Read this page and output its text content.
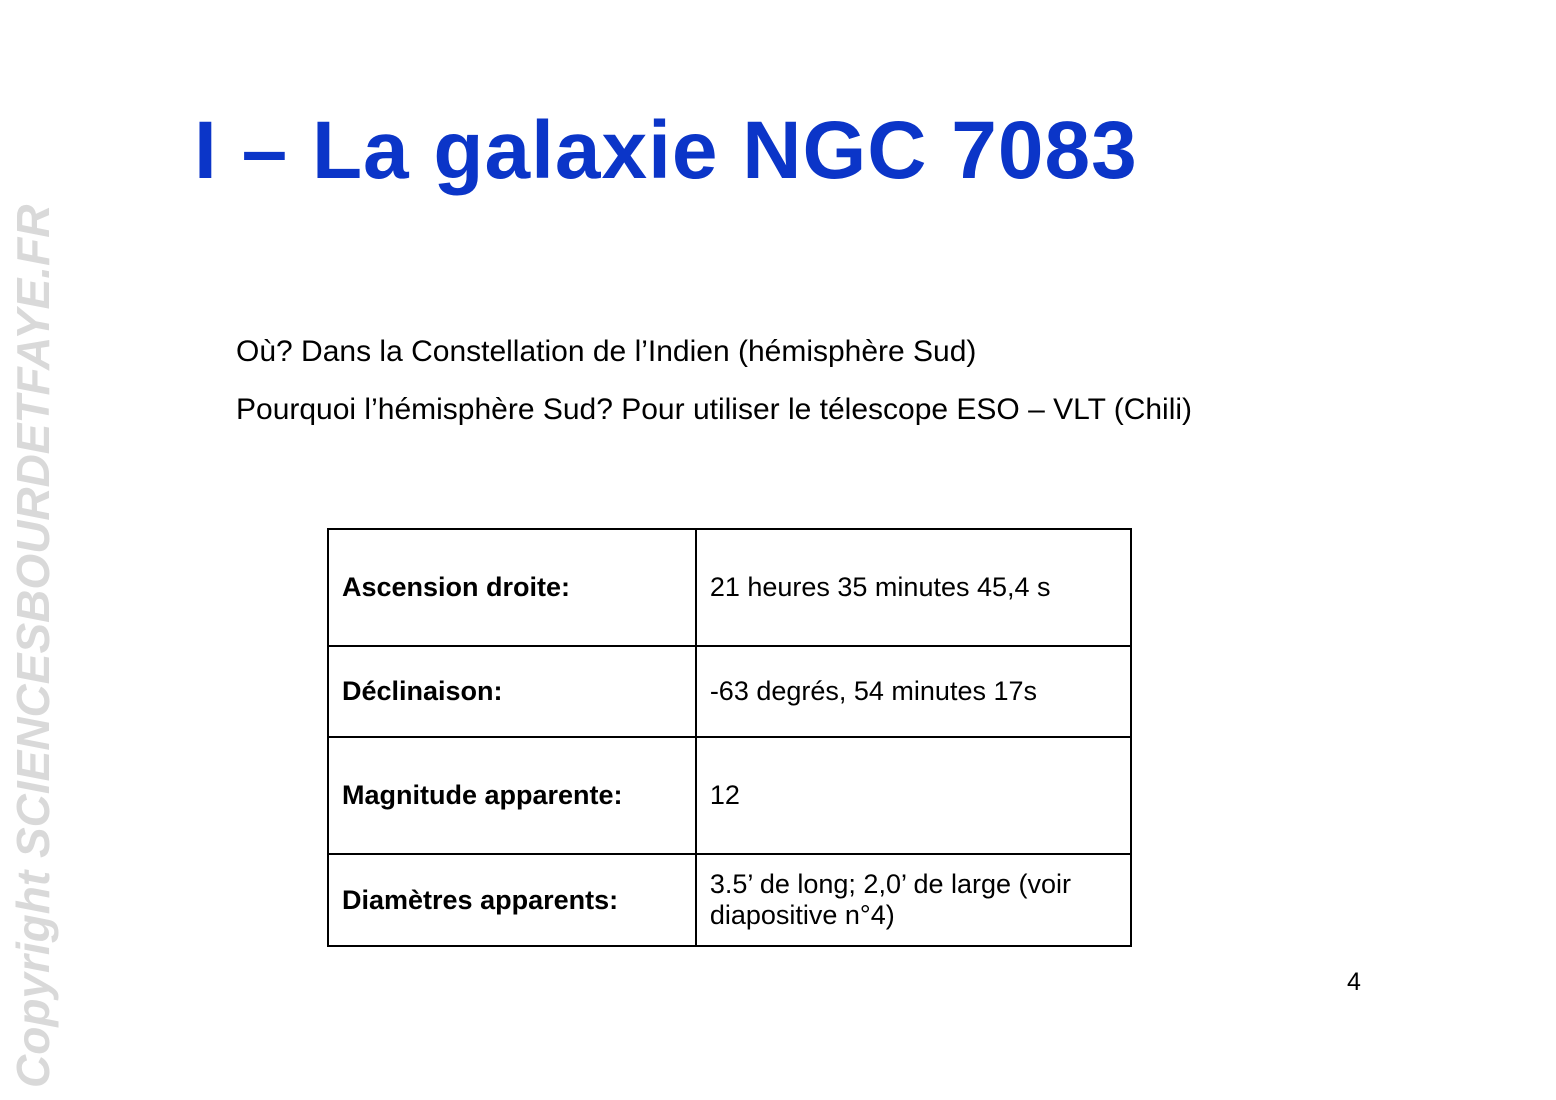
Copyright SCIENCESBOURDETFAYE.FR
I – La galaxie NGC 7083
Où? Dans la Constellation de l’Indien (hémisphère Sud)
Pourquoi l’hémisphère Sud? Pour utiliser le télescope ESO – VLT (Chili)
Ascension droite:	21 heures 35 minutes 45,4 s
Déclinaison:	-63 degrés, 54 minutes 17s
Magnitude apparente:	12
Diamètres apparents:	3.5’ de long; 2,0’ de large (voir diapositive n°4)
4
